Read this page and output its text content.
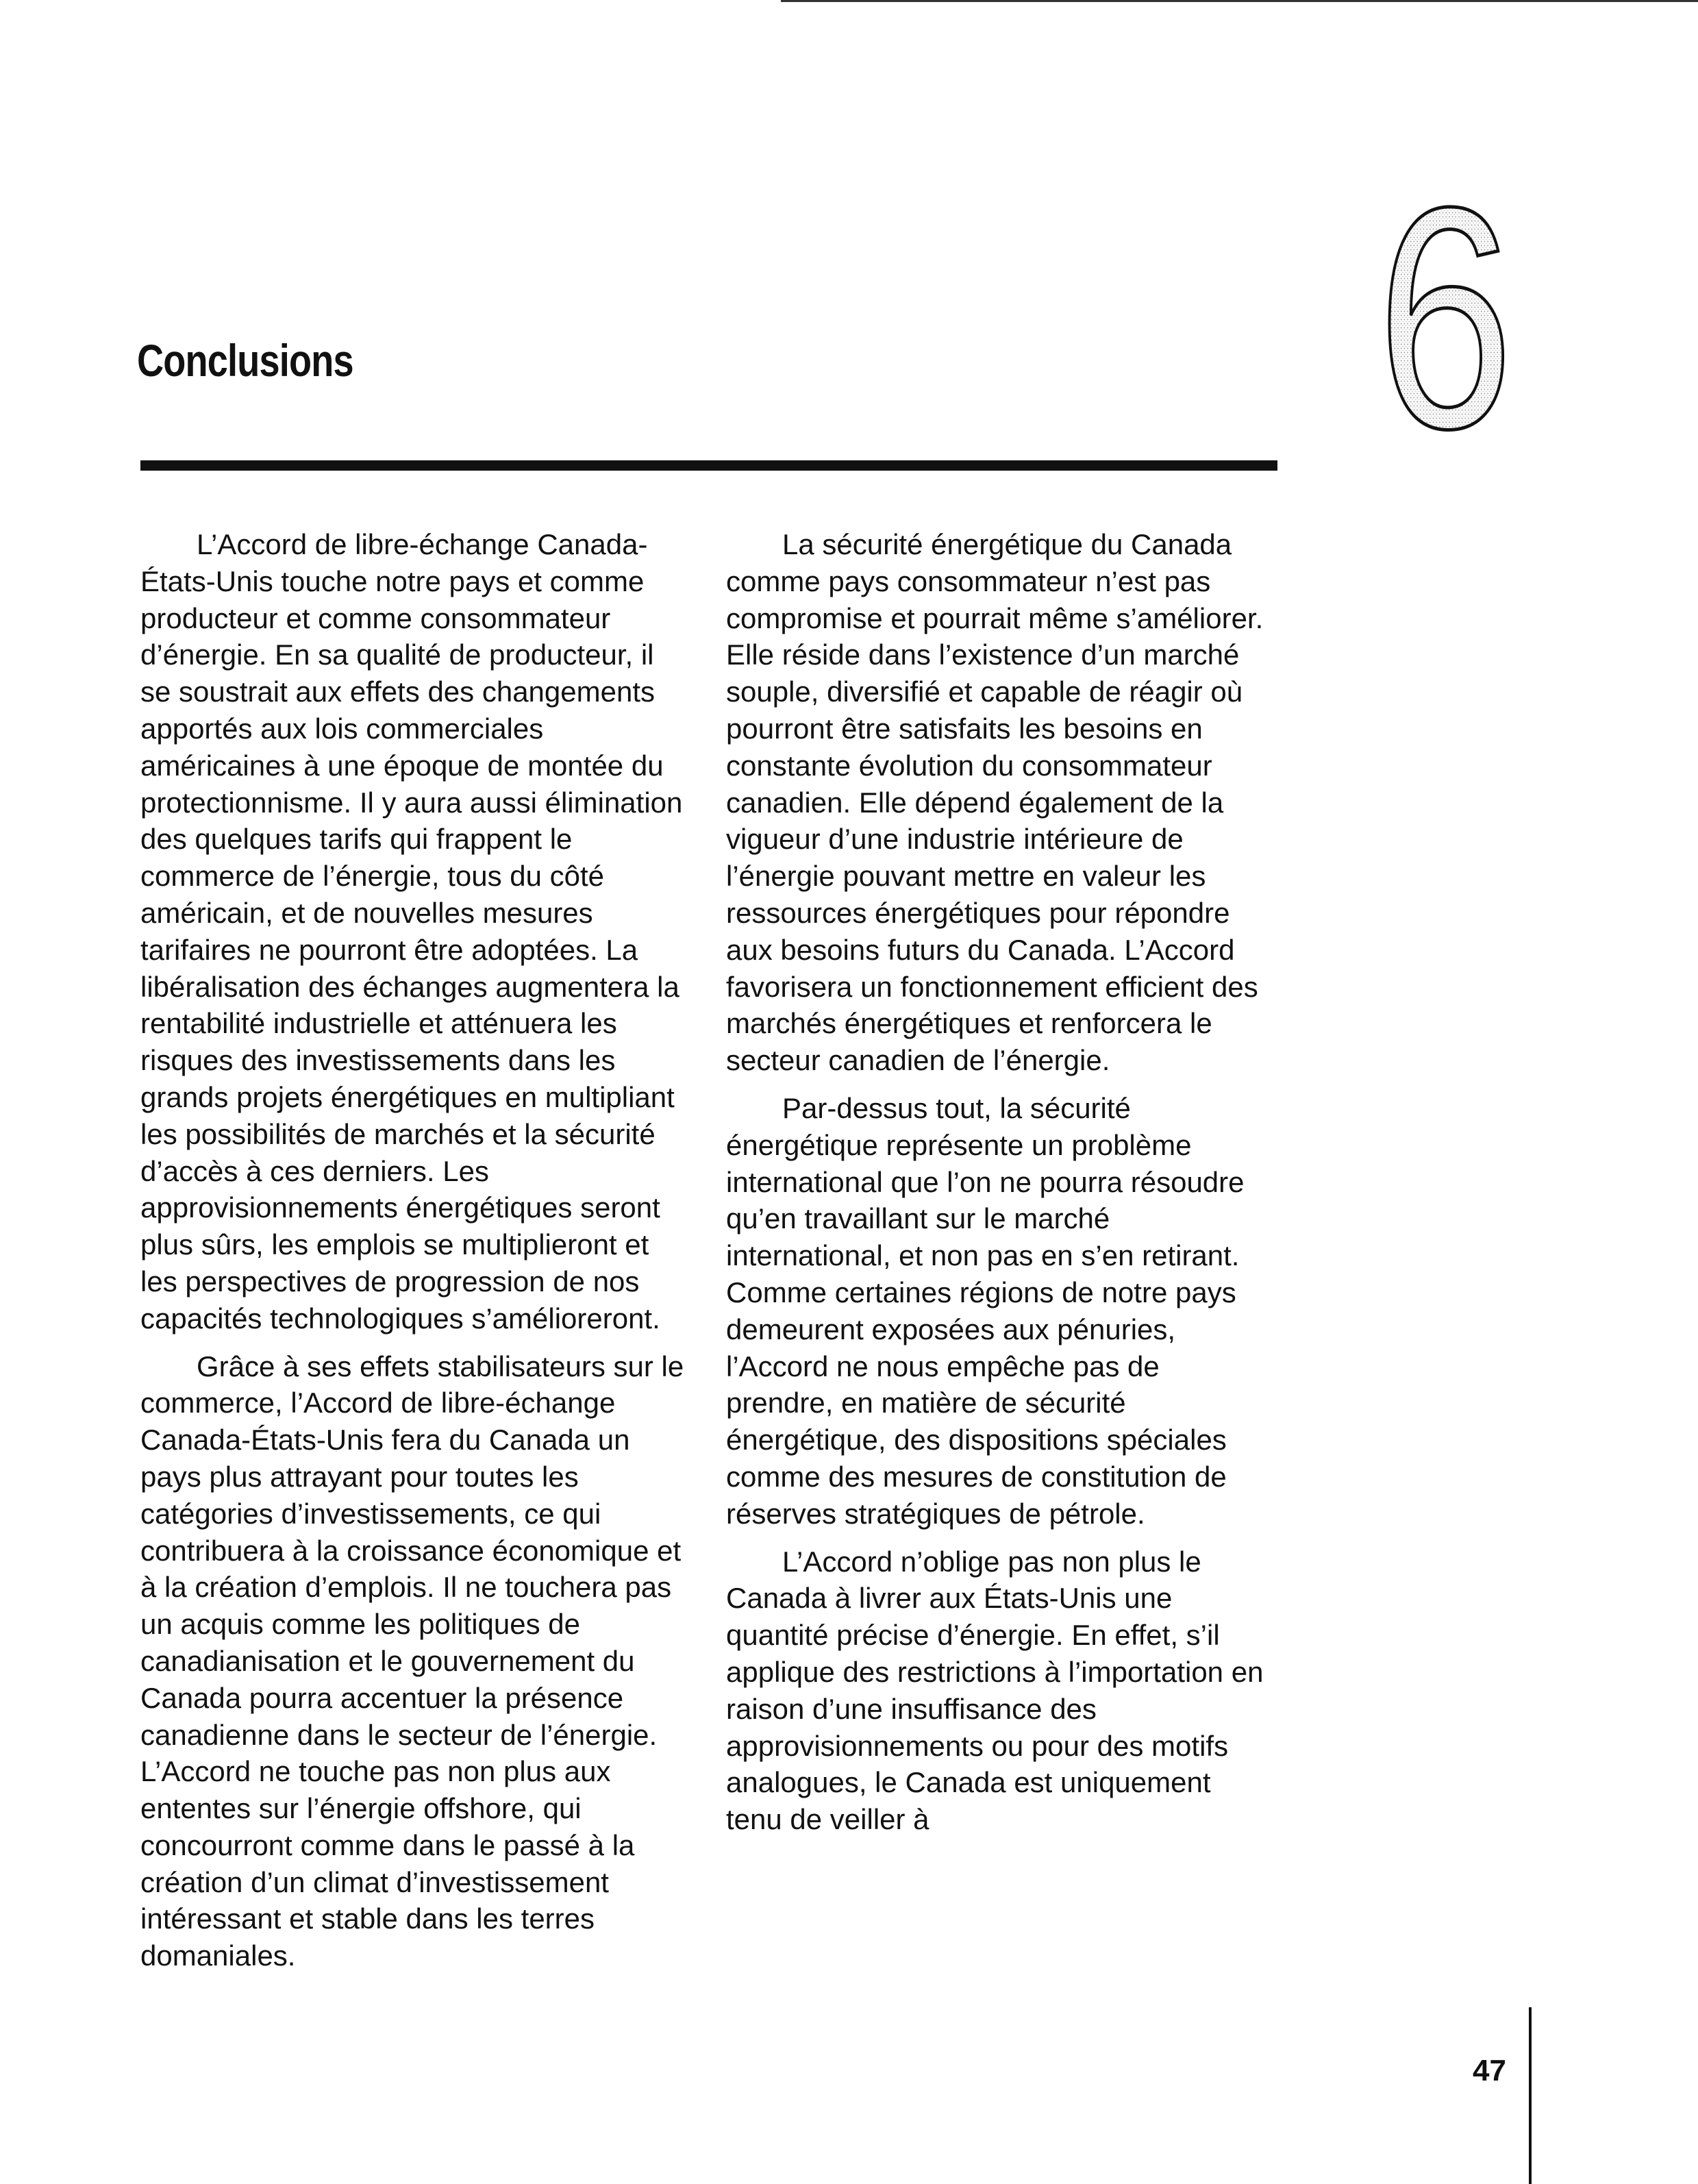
Conclusions	6

L’Accord de libre-échange Canada-États-Unis touche notre pays et comme producteur et comme consommateur d’énergie. En sa qualité de producteur, il se soustrait aux effets des changements apportés aux lois commerciales américaines à une époque de montée du protectionnisme. Il y aura aussi élimination des quelques tarifs qui frappent le commerce de l’énergie, tous du côté américain, et de nouvelles mesures tarifaires ne pourront être adoptées. La libéralisation des échanges augmentera la rentabilité industrielle et atténuera les risques des investissements dans les grands projets énergétiques en multipliant les possibilités de marchés et la sécurité d’accès à ces derniers. Les approvisionnements énergétiques seront plus sûrs, les emplois se multiplieront et les perspectives de progression de nos capacités technologiques s’amélioreront.

Grâce à ses effets stabilisateurs sur le commerce, l’Accord de libre-échange Canada-États-Unis fera du Canada un pays plus attrayant pour toutes les catégories d’investissements, ce qui contribuera à la croissance économique et à la création d’emplois. Il ne touchera pas un acquis comme les politiques de canadianisation et le gouvernement du Canada pourra accentuer la présence canadienne dans le secteur de l’énergie. L’Accord ne touche pas non plus aux ententes sur l’énergie offshore, qui concourront comme dans le passé à la création d’un climat d’investissement intéressant et stable dans les terres domaniales.

La sécurité énergétique du Canada comme pays consommateur n’est pas compromise et pourrait même s’améliorer. Elle réside dans l’existence d’un marché souple, diversifié et capable de réagir où pourront être satisfaits les besoins en constante évolution du consommateur canadien. Elle dépend également de la vigueur d’une industrie intérieure de l’énergie pouvant mettre en valeur les ressources énergétiques pour répondre aux besoins futurs du Canada. L’Accord favorisera un fonctionnement efficient des marchés énergétiques et renforcera le secteur canadien de l’énergie.

Par-dessus tout, la sécurité énergétique représente un problème international que l’on ne pourra résoudre qu’en travaillant sur le marché international, et non pas en s’en retirant. Comme certaines régions de notre pays demeurent exposées aux pénuries, l’Accord ne nous empêche pas de prendre, en matière de sécurité énergétique, des dispositions spéciales comme des mesures de constitution de réserves stratégiques de pétrole.

L’Accord n’oblige pas non plus le Canada à livrer aux États-Unis une quantité précise d’énergie. En effet, s’il applique des restrictions à l’importation en raison d’une insuffisance des approvisionnements ou pour des motifs analogues, le Canada est uniquement tenu de veiller à

47
